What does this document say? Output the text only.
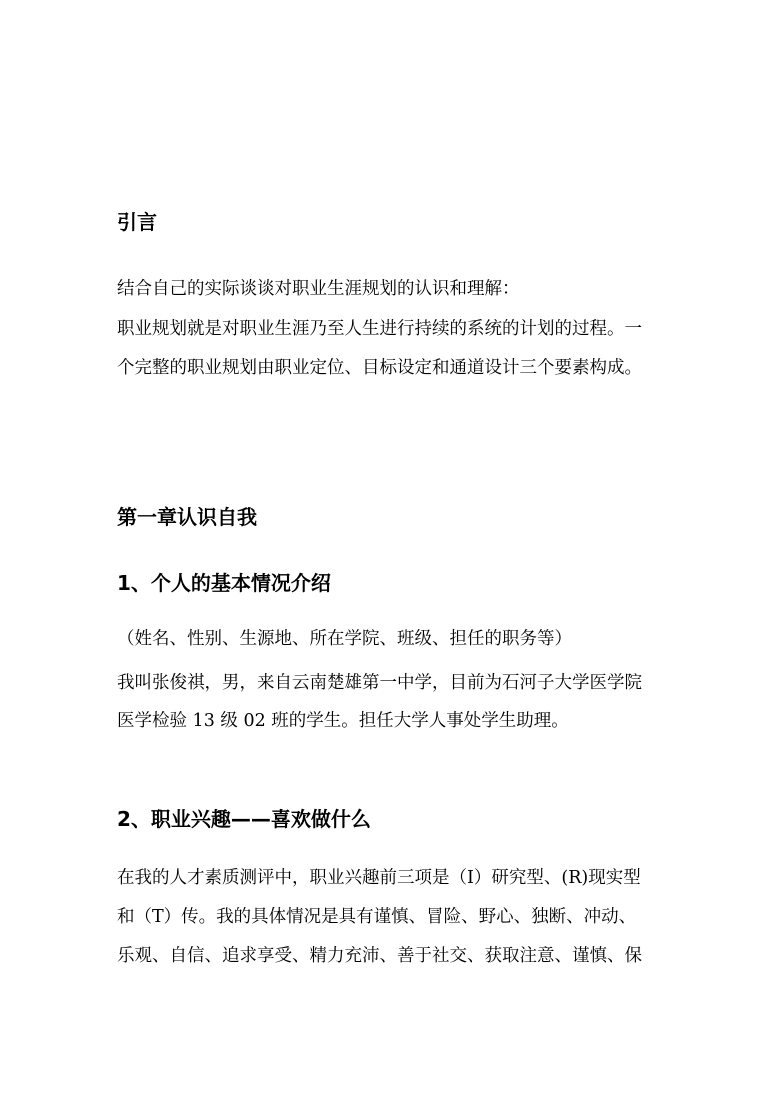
引言

结合自己的实际谈谈对职业生涯规划的认识和理解：

职业规划就是对职业生涯乃至人生进行持续的系统的计划的过程。一

个完整的职业规划由职业定位、目标设定和通道设计三个要素构成。

第一章认识自我
1、个人的基本情况介绍

（姓名、性别、生源地、所在学院、班级、担任的职务等）

我叫张俊祺，男，来自云南楚雄第一中学，目前为石河子大学医学院

医学检验 13 级 02 班的学生。担任大学人事处学生助理。

2、职业兴趣——喜欢做什么

在我的人才素质测评中，职业兴趣前三项是（I）研究型、(R)现实型

和（T）传。我的具体情况是具有谨慎、冒险、野心、独断、冲动、

乐观、自信、追求享受、精力充沛、善于社交、获取注意、谨慎、保
